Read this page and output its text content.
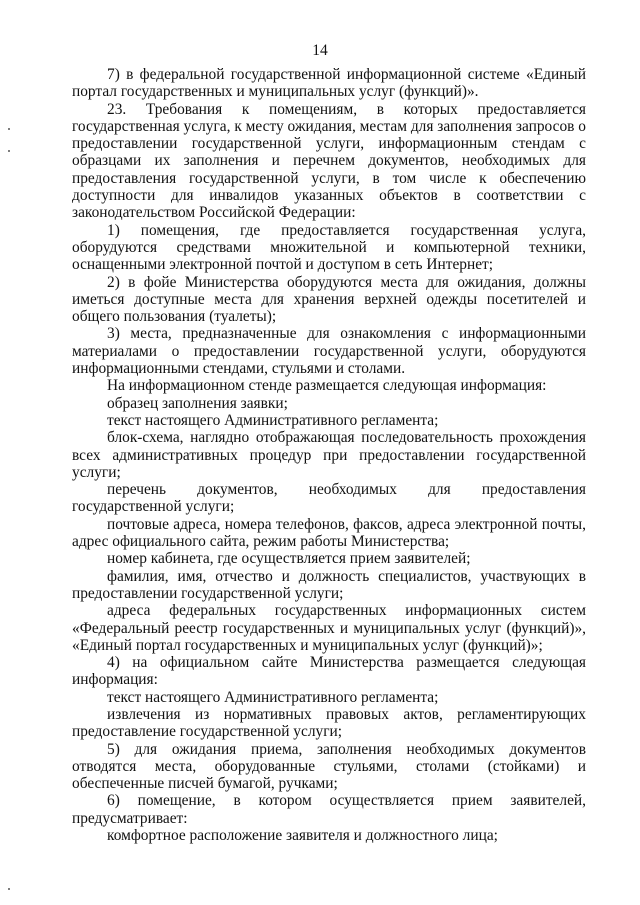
14

7) в федеральной государственной информационной системе «Единый портал государственных и муниципальных услуг (функций)».

23. Требования к помещениям, в которых предоставляется государственная услуга, к месту ожидания, местам для заполнения запросов о предоставлении государственной услуги, информационным стендам с образцами их заполнения и перечнем документов, необходимых для предоставления государственной услуги, в том числе к обеспечению доступности для инвалидов указанных объектов в соответствии с законодательством Российской Федерации:

1) помещения, где предоставляется государственная услуга, оборудуются средствами множительной и компьютерной техники, оснащенными электронной почтой и доступом в сеть Интернет;

2) в фойе Министерства оборудуются места для ожидания, должны иметься доступные места для хранения верхней одежды посетителей и общего пользования (туалеты);

3) места, предназначенные для ознакомления с информационными материалами о предоставлении государственной услуги, оборудуются информационными стендами, стульями и столами.

На информационном стенде размещается следующая информация:

образец заполнения заявки;

текст настоящего Административного регламента;

блок-схема, наглядно отображающая последовательность прохождения всех административных процедур при предоставлении государственной услуги;

перечень документов, необходимых для предоставления государственной услуги;

почтовые адреса, номера телефонов, факсов, адреса электронной почты, адрес официального сайта, режим работы Министерства;

номер кабинета, где осуществляется прием заявителей;

фамилия, имя, отчество и должность специалистов, участвующих в предоставлении государственной услуги;

адреса федеральных государственных информационных систем «Федеральный реестр государственных и муниципальных услуг (функций)», «Единый портал государственных и муниципальных услуг (функций)»;

4) на официальном сайте Министерства размещается следующая информация:

текст настоящего Административного регламента;

извлечения из нормативных правовых актов, регламентирующих предоставление государственной услуги;

5) для ожидания приема, заполнения необходимых документов отводятся места, оборудованные стульями, столами (стойками) и обеспеченные писчей бумагой, ручками;

6) помещение, в котором осуществляется прием заявителей, предусматривает:

комфортное расположение заявителя и должностного лица;
